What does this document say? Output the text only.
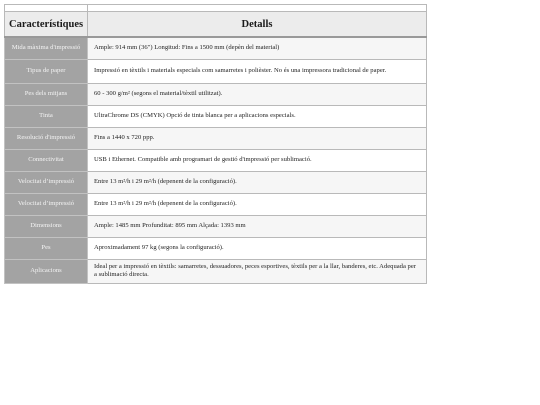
Característiques	Detalls
Mida màxima d'impressió	Ample: 914 mm (36") Longitud: Fins a 1500 mm (depèn del material)
Tipus de paper	Impressió en tèxtils i materials especials com samarretes i polièster. No és una impressora tradicional de paper.
Pes dels mitjans	60 - 300 g/m² (segons el material/tèxtil utilitzat).
Tinta	UltraChrome DS (CMYK) Opció de tinta blanca per a aplicacions especials.
Resolució d'impressió	Fins a 1440 x 720 ppp.
Connectivitat	USB i Ethernet. Compatible amb programari de gestió d'impressió per sublimació.
Velocitat d’impressió	Entre 13 m²/h i 29 m²/h (depenent de la configuració).
Velocitat d’impressió	Entre 13 m²/h i 29 m²/h (depenent de la configuració).
Dimensions	Ample: 1485 mm Profunditat: 895 mm Alçada: 1393 mm
Pes	Aproximadament 97 kg (segons la configuració).
Aplicacions	Ideal per a impressió en tèxtils: samarretes, dessuadores, peces esportives, tèxtils per a la llar, banderes, etc. Adequada per a sublimació directa.
